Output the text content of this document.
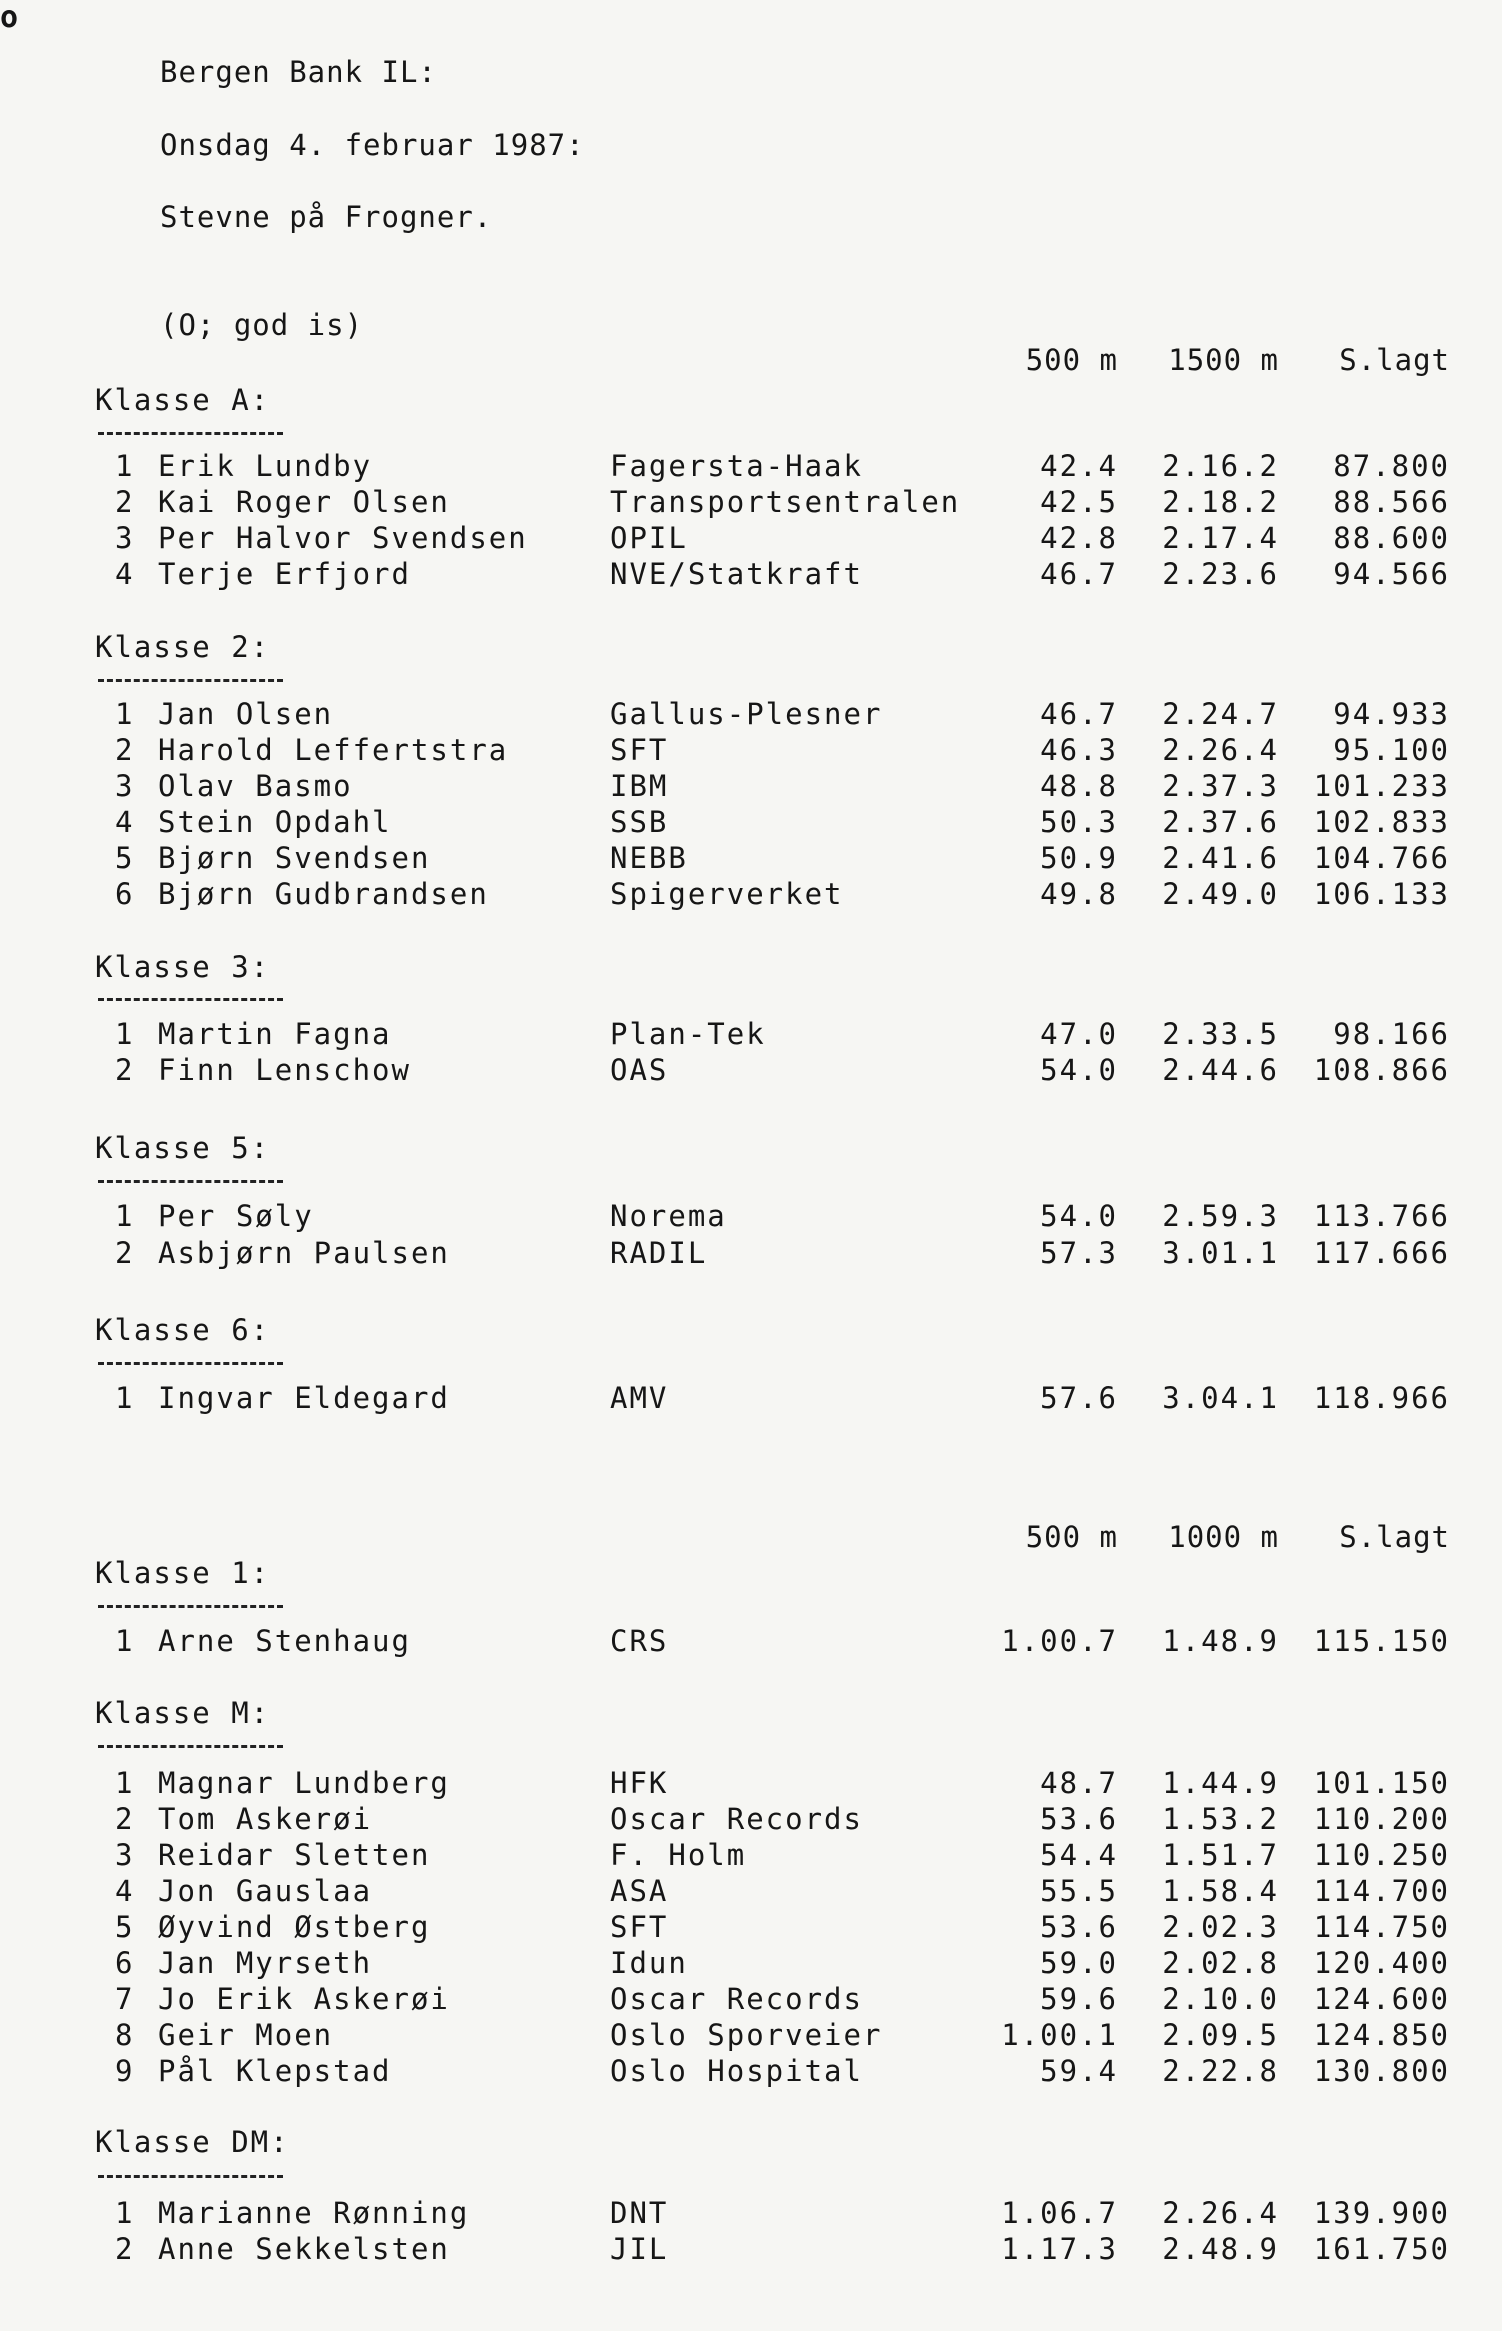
o
Bergen Bank IL:
Onsdag 4. februar 1987:
Stevne på Frogner.
(O; god is)
500 m 1500 m S.lagt
Klasse A:
1 Erik Lundby	Fagersta-Haak	42.4 2.16.2 87.800
2 Kai Roger Olsen	Transportsentralen	42.5 2.18.2 88.566
3 Per Halvor Svendsen	OPIL	42.8 2.17.4 88.600
4 Terje Erfjord	NVE/Statkraft	46.7 2.23.6 94.566
Klasse 2:
1 Jan Olsen	Gallus-Plesner	46.7 2.24.7 94.933
2 Harold Leffertstra	SFT	46.3 2.26.4 95.100
3 Olav Basmo	IBM	48.8 2.37.3 101.233
4 Stein Opdahl	SSB	50.3 2.37.6 102.833
5 Bjørn Svendsen	NEBB	50.9 2.41.6 104.766
6 Bjørn Gudbrandsen	Spigerverket	49.8 2.49.0 106.133
Klasse 3:
1 Martin Fagna	Plan-Tek	47.0 2.33.5 98.166
2 Finn Lenschow	OAS	54.0 2.44.6 108.866
Klasse 5:
1 Per Søly	Norema	54.0 2.59.3 113.766
2 Asbjørn Paulsen	RADIL	57.3 3.01.1 117.666
Klasse 6:
1 Ingvar Eldegard	AMV	57.6 3.04.1 118.966
500 m 1000 m S.lagt
Klasse 1:
1 Arne Stenhaug	CRS	1.00.7 1.48.9 115.150
Klasse M:
1 Magnar Lundberg	HFK	48.7 1.44.9 101.150
2 Tom Askerøi	Oscar Records	53.6 1.53.2 110.200
3 Reidar Sletten	F. Holm	54.4 1.51.7 110.250
4 Jon Gauslaa	ASA	55.5 1.58.4 114.700
5 Øyvind Østberg	SFT	53.6 2.02.3 114.750
6 Jan Myrseth	Idun	59.0 2.02.8 120.400
7 Jo Erik Askerøi	Oscar Records	59.6 2.10.0 124.600
8 Geir Moen	Oslo Sporveier	1.00.1 2.09.5 124.850
9 Pål Klepstad	Oslo Hospital	59.4 2.22.8 130.800
Klasse DM:
1 Marianne Rønning	DNT	1.06.7 2.26.4 139.900
2 Anne Sekkelsten	JIL	1.17.3 2.48.9 161.750
